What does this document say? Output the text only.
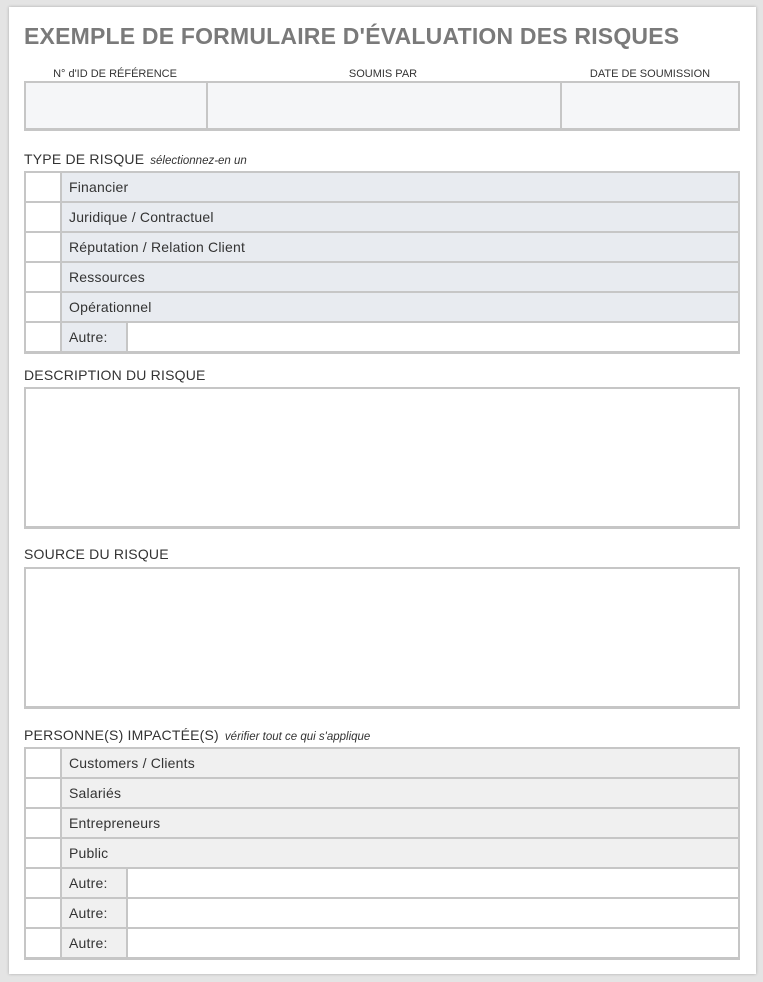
EXEMPLE DE FORMULAIRE D'ÉVALUATION DES RISQUES
N° d'ID DE RÉFÉRENCE	SOUMIS PAR	DATE DE SOUMISSION
TYPE DE RISQUE sélectionnez-en un
Financier
Juridique / Contractuel
Réputation / Relation Client
Ressources
Opérationnel
Autre:
DESCRIPTION DU RISQUE
SOURCE DU RISQUE
PERSONNE(S) IMPACTÉE(S) vérifier tout ce qui s'applique
Customers / Clients
Salariés
Entrepreneurs
Public
Autre:
Autre:
Autre:
